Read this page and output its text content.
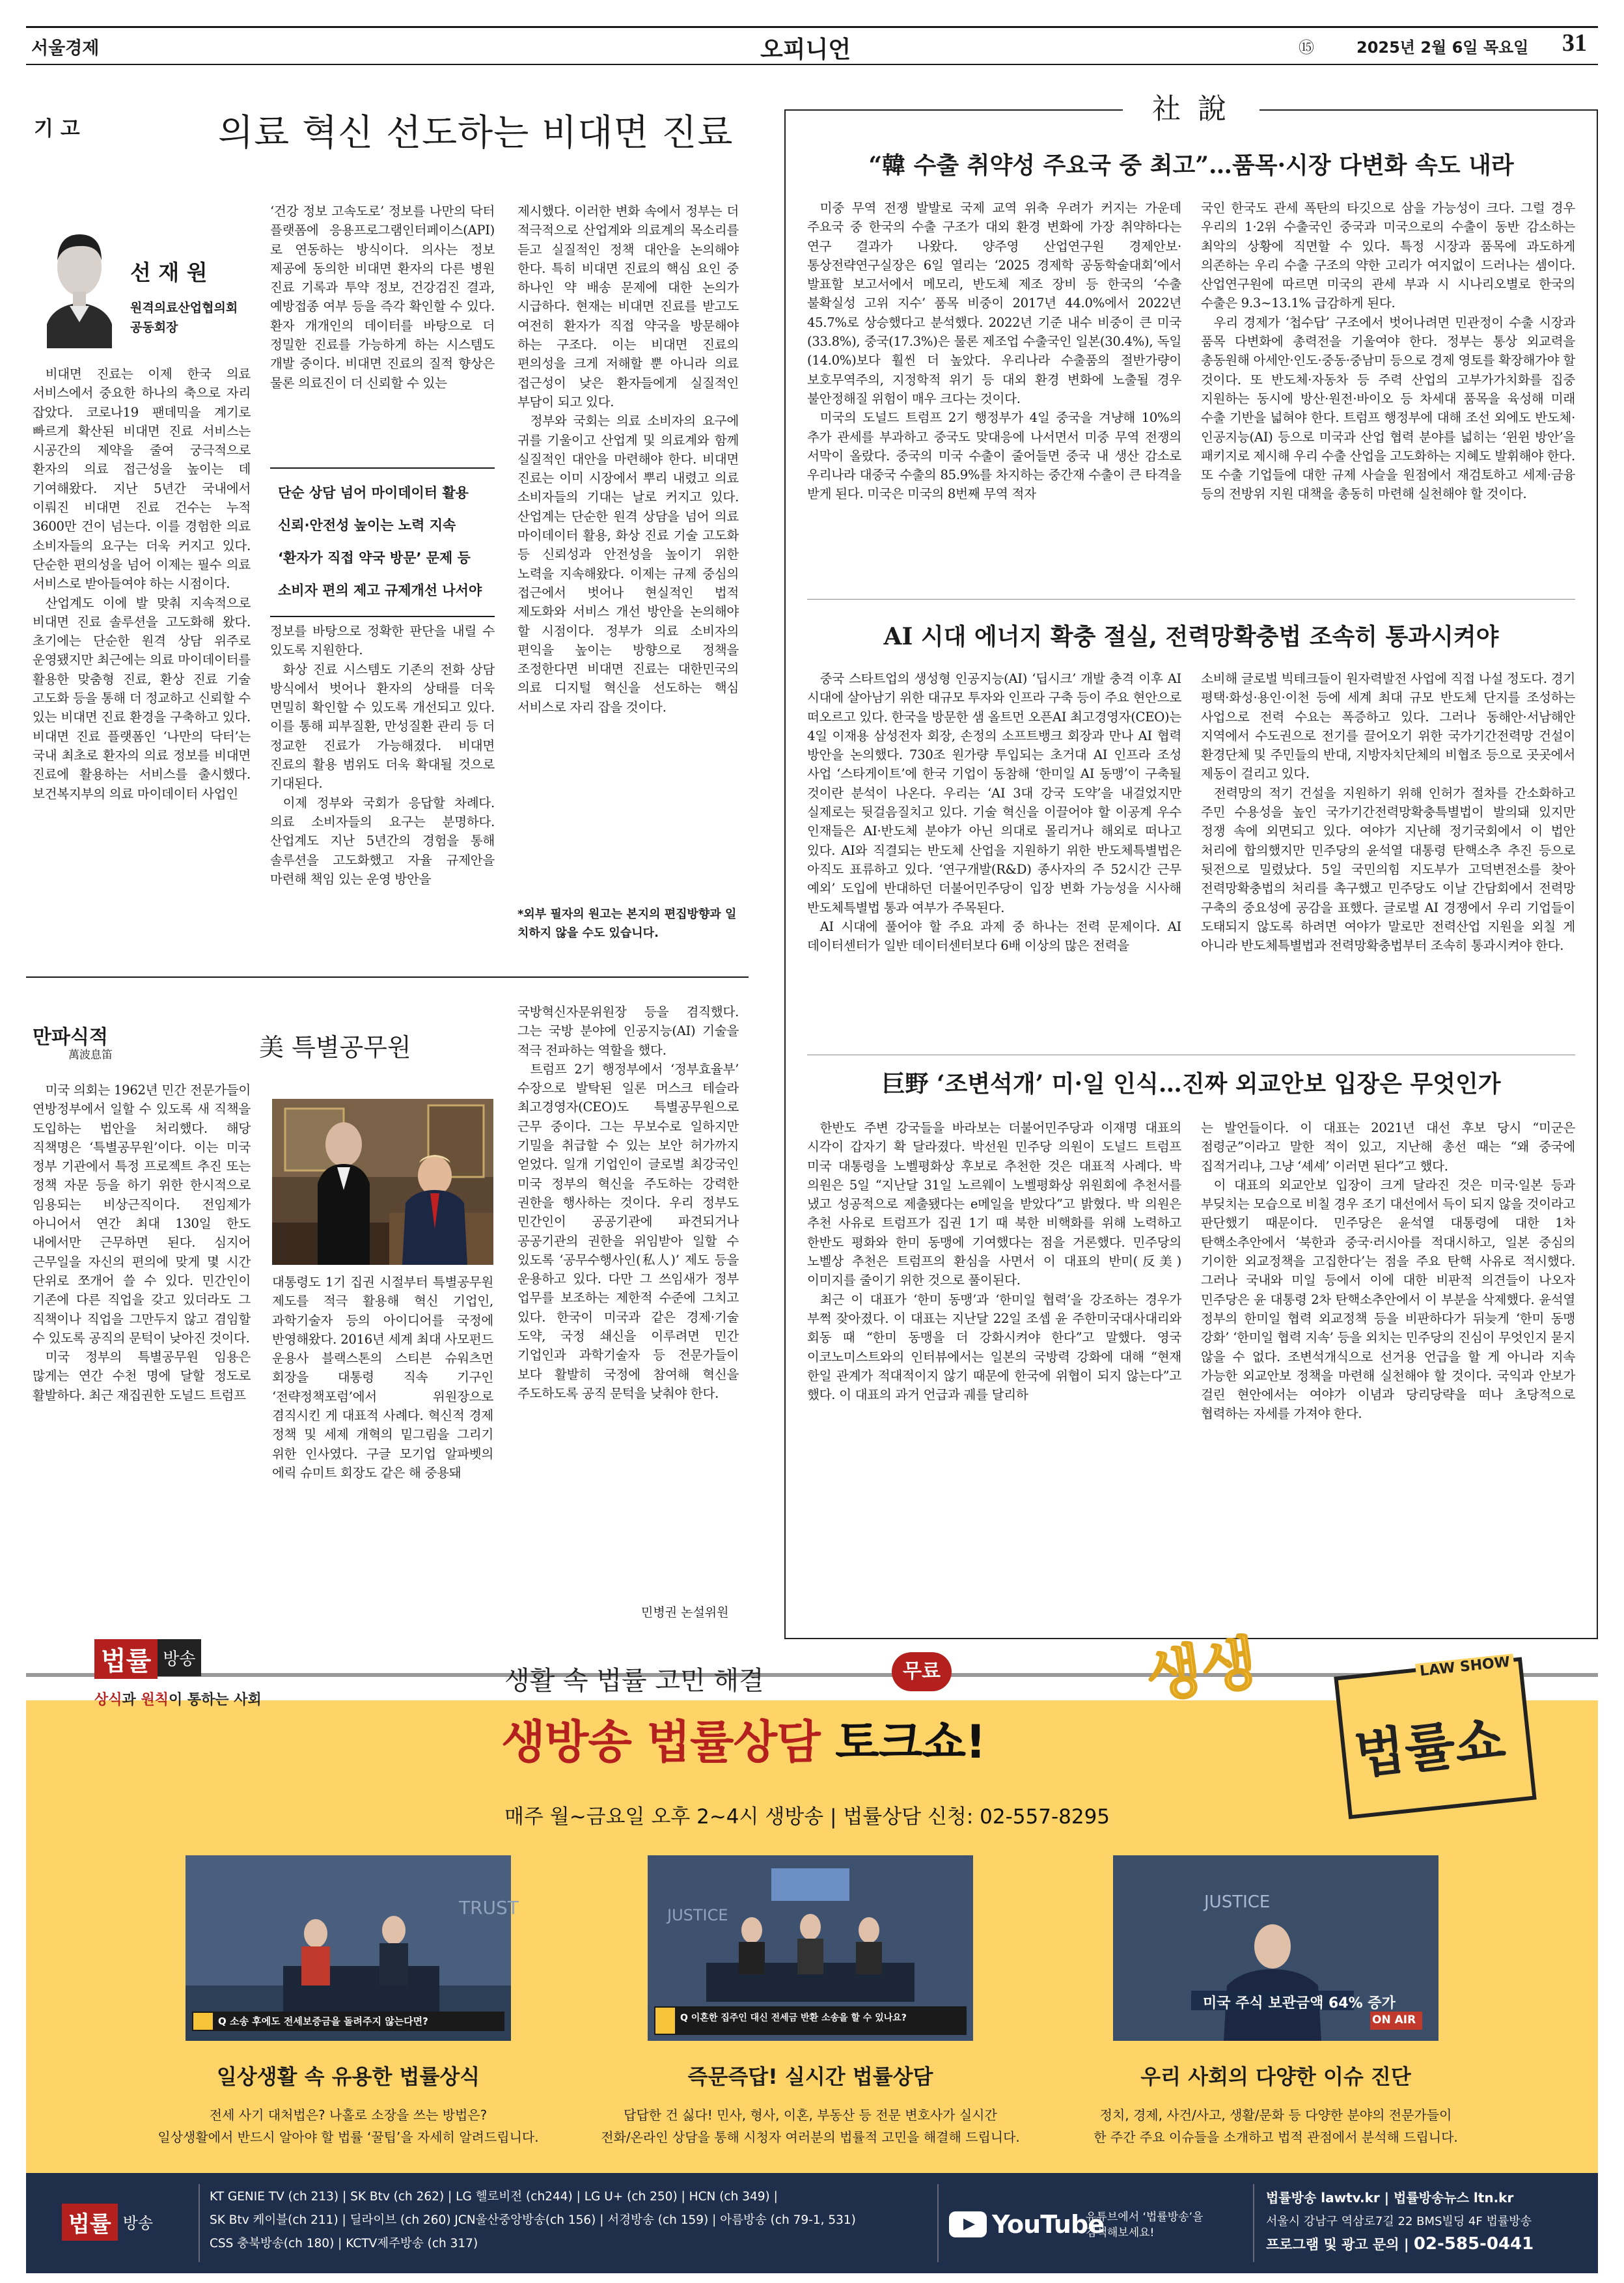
서울경제	오피니언	⑮	2025년 2월 6일 목요일 31
기 고	의료 혁신 선도하는 비대면 진료
선 재 원
원격의료산업협의회
공동회장

비대면 진료는 이제 한국 의료 서비스에서 중요한 하나의 축으로 자리 잡았다. 코로나19 팬데믹을 계기로 빠르게 확산된 비대면 진료 서비스는 시공간의 제약을 줄여 궁극적으로 환자의 의료 접근성을 높이는 데 기여해왔다. 지난 5년간 국내에서 이뤄진 비대면 진료 건수는 누적 3600만 건이 넘는다. 이를 경험한 의료 소비자들의 요구는 더욱 커지고 있다. 단순한 편의성을 넘어 이제는 필수 의료 서비스로 받아들여야 하는 시점이다.

산업계도 이에 발 맞춰 지속적으로 비대면 진료 솔루션을 고도화해 왔다. 초기에는 단순한 원격 상담 위주로 운영됐지만 최근에는 의료 마이데이터를 활용한 맞춤형 진료, 환상 진료 기술 고도화 등을 통해 더 정교하고 신뢰할 수 있는 비대면 진료 환경을 구축하고 있다. 비대면 진료 플랫폼인 ‘나만의 닥터’는 국내 최초로 환자의 의료 정보를 비대면 진료에 활용하는 서비스를 출시했다. 보건복지부의 의료 마이데이터 사업인

‘건강 정보 고속도로’ 정보를 나만의 닥터 플랫폼에 응용프로그램인터페이스(API)로 연동하는 방식이다. 의사는 정보 제공에 동의한 비대면 환자의 다른 병원 진료 기록과 투약 정보, 건강검진 결과, 예방접종 여부 등을 즉각 확인할 수 있다. 환자 개개인의 데이터를 바탕으로 더 정밀한 진료를 가능하게 하는 시스템도 개발 중이다. 비대면 진료의 질적 향상은 물론 의료진이 더 신뢰할 수 있는

단순 상담 넘어 마이데이터 활용
신뢰·안전성 높이는 노력 지속
‘환자가 직접 약국 방문’ 문제 등
소비자 편의 제고 규제개선 나서야

정보를 바탕으로 정확한 판단을 내릴 수 있도록 지원한다.

화상 진료 시스템도 기존의 전화 상담 방식에서 벗어나 환자의 상태를 더욱 면밀히 확인할 수 있도록 개선되고 있다. 이를 통해 피부질환, 만성질환 관리 등 더 정교한 진료가 가능해졌다. 비대면 진료의 활용 범위도 더욱 확대될 것으로 기대된다.

이제 정부와 국회가 응답할 차례다. 의료 소비자들의 요구는 분명하다. 산업계도 지난 5년간의 경험을 통해 솔루션을 고도화했고 자율 규제안을 마련해 책임 있는 운영 방안을

제시했다. 이러한 변화 속에서 정부는 더 적극적으로 산업계와 의료계의 목소리를 듣고 실질적인 정책 대안을 논의해야 한다. 특히 비대면 진료의 핵심 요인 중 하나인 약 배송 문제에 대한 논의가 시급하다. 현재는 비대면 진료를 받고도 여전히 환자가 직접 약국을 방문해야 하는 구조다. 이는 비대면 진료의 편의성을 크게 저해할 뿐 아니라 의료 접근성이 낮은 환자들에게 실질적인 부담이 되고 있다.

정부와 국회는 의료 소비자의 요구에 귀를 기울이고 산업계 및 의료계와 함께 실질적인 대안을 마련해야 한다. 비대면 진료는 이미 시장에서 뿌리 내렸고 의료 소비자들의 기대는 날로 커지고 있다. 산업계는 단순한 원격 상담을 넘어 의료 마이데이터 활용, 화상 진료 기술 고도화 등 신뢰성과 안전성을 높이기 위한 노력을 지속해왔다. 이제는 규제 중심의 접근에서 벗어나 현실적인 법적 제도화와 서비스 개선 방안을 논의해야 할 시점이다. 정부가 의료 소비자의 편익을 높이는 방향으로 정책을 조정한다면 비대면 진료는 대한민국의 의료 디지털 혁신을 선도하는 핵심 서비스로 자리 잡을 것이다.

*외부 필자의 원고는 본지의 편집방향과 일치하지 않을 수도 있습니다.
만파식적
萬波息笛	美 특별공무원

미국 의회는 1962년 민간 전문가들이 연방정부에서 일할 수 있도록 새 직책을 도입하는 법안을 처리했다. 해당 직책명은 ‘특별공무원’이다. 이는 미국 정부 기관에서 특정 프로젝트 추진 또는 정책 자문 등을 하기 위한 한시적으로 임용되는 비상근직이다. 전임제가 아니어서 연간 최대 130일 한도 내에서만 근무하면 된다. 심지어 근무일을 자신의 편의에 맞게 몇 시간 단위로 쪼개어 쓸 수 있다. 민간인이 기존에 다른 직업을 갖고 있더라도 그 직책이나 직업을 그만두지 않고 겸임할 수 있도록 공직의 문턱이 낮아진 것이다.

미국 정부의 특별공무원 임용은 많게는 연간 수천 명에 달할 정도로 활발하다. 최근 재집권한 도널드 트럼프

대통령도 1기 집권 시절부터 특별공무원 제도를 적극 활용해 혁신 기업인, 과학기술자 등의 아이디어를 국정에 반영해왔다. 2016년 세계 최대 사모펀드 운용사 블랙스톤의 스티븐 슈워츠먼 회장을 대통령 직속 기구인 ‘전략정책포럼’에서 위원장으로 겸직시킨 게 대표적 사례다. 혁신적 경제 정책 및 세제 개혁의 밑그림을 그리기 위한 인사였다. 구글 모기업 알파벳의 에릭 슈미트 회장도 같은 해 중용돼

국방혁신자문위원장 등을 겸직했다. 그는 국방 분야에 인공지능(AI) 기술을 적극 전파하는 역할을 했다.

트럼프 2기 행정부에서 ‘정부효율부’ 수장으로 발탁된 일론 머스크 테슬라 최고경영자(CEO)도 특별공무원으로 근무 중이다. 그는 무보수로 일하지만 기밀을 취급할 수 있는 보안 허가까지 얻었다. 일개 기업인이 글로벌 최강국인 미국 정부의 혁신을 주도하는 강력한 권한을 행사하는 것이다. 우리 정부도 민간인이 공공기관에 파견되거나 공공기관의 권한을 위임받아 일할 수 있도록 ‘공무수행사인(私人)’ 제도 등을 운용하고 있다. 다만 그 쓰임새가 정부 업무를 보조하는 제한적 수준에 그치고 있다. 한국이 미국과 같은 경제·기술 도약, 국정 쇄신을 이루려면 민간 기업인과 과학기술자 등 전문가들이 보다 활발히 국정에 참여해 혁신을 주도하도록 공직 문턱을 낮춰야 한다.

민병권 논설위원
社 說
“韓 수출 취약성 주요국 중 최고”…품목·시장 다변화 속도 내라

미중 무역 전쟁 발발로 국제 교역 위축 우려가 커지는 가운데 주요국 중 한국의 수출 구조가 대외 환경 변화에 가장 취약하다는 연구 결과가 나왔다. 양주영 산업연구원 경제안보·통상전략연구실장은 6일 열리는 ‘2025 경제학 공동학술대회’에서 발표할 보고서에서 메모리, 반도체 제조 장비 등 한국의 ‘수출 불확실성 고위 지수’ 품목 비중이 2017년 44.0%에서 2022년 45.7%로 상승했다고 분석했다. 2022년 기준 내수 비중이 큰 미국(33.8%), 중국(17.3%)은 물론 제조업 수출국인 일본(30.4%), 독일(14.0%)보다 훨씬 더 높았다. 우리나라 수출품의 절반가량이 보호무역주의, 지정학적 위기 등 대외 환경 변화에 노출될 경우 불안정해질 위험이 매우 크다는 것이다.

미국의 도널드 트럼프 2기 행정부가 4일 중국을 겨냥해 10%의 추가 관세를 부과하고 중국도 맞대응에 나서면서 미중 무역 전쟁의 서막이 올랐다. 중국의 미국 수출이 줄어들면 중국 내 생산 감소로 우리나라 대중국 수출의 85.9%를 차지하는 중간재 수출이 큰 타격을 받게 된다. 미국은 미국의 8번째 무역 적자

국인 한국도 관세 폭탄의 타깃으로 삼을 가능성이 크다. 그럴 경우 우리의 1·2위 수출국인 중국과 미국으로의 수출이 동반 감소하는 최악의 상황에 직면할 수 있다. 특정 시장과 품목에 과도하게 의존하는 우리 수출 구조의 약한 고리가 여지없이 드러나는 셈이다. 산업연구원에 따르면 미국의 관세 부과 시 시나리오별로 한국의 수출은 9.3~13.1% 급감하게 된다.

우리 경제가 ‘첩수답’ 구조에서 벗어나려면 민관정이 수출 시장과 품목 다변화에 총력전을 기울여야 한다. 정부는 통상 외교력을 총동원해 아세안·인도·중동·중남미 등으로 경제 영토를 확장해가야 할 것이다. 또 반도체·자동차 등 주력 산업의 고부가가치화를 집중 지원하는 동시에 방산·원전·바이오 등 차세대 품목을 육성해 미래 수출 기반을 넓혀야 한다. 트럼프 행정부에 대해 조선 외에도 반도체·인공지능(AI) 등으로 미국과 산업 협력 분야를 넓히는 ‘윈윈 방안’을 패키지로 제시해 우리 수출 산업을 고도화하는 지혜도 발휘해야 한다. 또 수출 기업들에 대한 규제 사슬을 원점에서 재검토하고 세제·금융 등의 전방위 지원 대책을 총동히 마련해 실천해야 할 것이다.

AI 시대 에너지 확충 절실, 전력망확충법 조속히 통과시켜야

중국 스타트업의 생성형 인공지능(AI) ‘딥시크’ 개발 충격 이후 AI 시대에 살아남기 위한 대규모 투자와 인프라 구축 등이 주요 현안으로 떠오르고 있다. 한국을 방문한 샘 올트먼 오픈AI 최고경영자(CEO)는 4일 이재용 삼성전자 회장, 손정의 소프트뱅크 회장과 만나 AI 협력 방안을 논의했다. 730조 원가량 투입되는 초거대 AI 인프라 조성 사업 ‘스타게이트’에 한국 기업이 동참해 ‘한미일 AI 동맹’이 구축될 것이란 분석이 나온다. 우리는 ‘AI 3대 강국 도약’을 내걸었지만 실제로는 뒷걸음질치고 있다. 기술 혁신을 이끌어야 할 이공계 우수 인재들은 AI·반도체 분야가 아닌 의대로 몰리거나 해외로 떠나고 있다. AI와 직결되는 반도체 산업을 지원하기 위한 반도체특별법은 아직도 표류하고 있다. ‘연구개발(R&D) 종사자의 주 52시간 근무 예외’ 도입에 반대하던 더불어민주당이 입장 변화 가능성을 시사해 반도체특별법 통과 여부가 주목된다.

AI 시대에 풀어야 할 주요 과제 중 하나는 전력 문제이다. AI 데이터센터가 일반 데이터센터보다 6배 이상의 많은 전력을

소비해 글로벌 빅테크들이 원자력발전 사업에 직접 나설 정도다. 경기 평택·화성·용인·이천 등에 세계 최대 규모 반도체 단지를 조성하는 사업으로 전력 수요는 폭증하고 있다. 그러나 동해안·서남해안 지역에서 수도권으로 전기를 끌어오기 위한 국가기간전력망 건설이 환경단체 및 주민들의 반대, 지방자치단체의 비협조 등으로 곳곳에서 제동이 걸리고 있다.

전력망의 적기 건설을 지원하기 위해 인허가 절차를 간소화하고 주민 수용성을 높인 국가기간전력망확충특별법이 발의돼 있지만 정쟁 속에 외면되고 있다. 여야가 지난해 정기국회에서 이 법안 처리에 합의했지만 민주당의 윤석열 대통령 탄핵소추 추진 등으로 뒷전으로 밀렸났다. 5일 국민의힘 지도부가 고덕변전소를 찾아 전력망확충법의 처리를 촉구했고 민주당도 이날 간담회에서 전력망 구축의 중요성에 공감을 표했다. 글로벌 AI 경쟁에서 우리 기업들이 도태되지 않도록 하려면 여야가 말로만 전력산업 지원을 외칠 게 아니라 반도체특별법과 전력망확충법부터 조속히 통과시켜야 한다.

巨野 ‘조변석개’ 미·일 인식…진짜 외교안보 입장은 무엇인가

한반도 주변 강국들을 바라보는 더불어민주당과 이재명 대표의 시각이 갑자기 확 달라졌다. 박선원 민주당 의원이 도널드 트럼프 미국 대통령을 노벨평화상 후보로 추천한 것은 대표적 사례다. 박 의원은 5일 “지난달 31일 노르웨이 노벨평화상 위원회에 추천서를 냈고 성공적으로 제출됐다는 e메일을 받았다”고 밝혔다. 박 의원은 추천 사유로 트럼프가 집권 1기 때 북한 비핵화를 위해 노력하고 한반도 평화와 한미 동맹에 기여했다는 점을 거론했다. 민주당의 노벨상 추천은 트럼프의 환심을 사면서 이 대표의 반미(反美) 이미지를 줄이기 위한 것으로 풀이된다.

최근 이 대표가 ‘한미 동맹’과 ‘한미일 협력’을 강조하는 경우가 부쩍 잦아졌다. 이 대표는 지난달 22일 조셉 윤 주한미국대사대리와 회동 때 “한미 동맹을 더 강화시켜야 한다”고 말했다. 영국 이코노미스트와의 인터뷰에서는 일본의 국방력 강화에 대해 “현재 한일 관계가 적대적이지 않기 때문에 한국에 위협이 되지 않는다”고 했다. 이 대표의 과거 언급과 궤를 달리하

는 발언들이다. 이 대표는 2021년 대선 후보 당시 “미군은 점령군”이라고 말한 적이 있고, 지난해 총선 때는 “왜 중국에 집적거리냐, 그냥 ‘셰셰’ 이러면 된다”고 했다.

이 대표의 외교안보 입장이 크게 달라진 것은 미국·일본 등과 부딪치는 모습으로 비칠 경우 조기 대선에서 득이 되지 않을 것이라고 판단했기 때문이다. 민주당은 윤석열 대통령에 대한 1차 탄핵소추안에서 ‘북한과 중국·러시아를 적대시하고, 일본 중심의 기이한 외교정책을 고집한다’는 점을 주요 탄핵 사유로 적시했다. 그러나 국내와 미일 등에서 이에 대한 비판적 의견들이 나오자 민주당은 윤 대통령 2차 탄핵소추안에서 이 부분을 삭제했다. 윤석열 정부의 한미일 협력 외교정책 등을 비판하다가 뒤늦게 ‘한미 동맹 강화’ ‘한미일 협력 지속’ 등을 외치는 민주당의 진심이 무엇인지 묻지 않을 수 없다. 조변석개식으로 선거용 언급을 할 게 아니라 지속 가능한 외교안보 정책을 마련해 실천해야 할 것이다. 국익과 안보가 걸린 현안에서는 여야가 이념과 당리당략을 떠나 초당적으로 협력하는 자세를 가져야 한다.

법률 방송
상식과 원칙이 통하는 사회
생활 속 법률 고민 해결	무료
생방송 법률상담 토크쇼!
매주 월~금요일 오후 2~4시 생방송 | 법률상담 신청: 02-557-8295
생생	LAW SHOW
법률쇼
TRUST
Q 소송 후에도 전세보증금을 돌려주지 않는다면?
JUSTICE
Q 이혼한 집주인 대신 전세금 반환 소송을 할 수 있나요?
JUSTICE
미국 주식 보관금액 64% 증가
ON AIR
일상생활 속 유용한 법률상식
전세 사기 대처법은? 나홀로 소장을 쓰는 방법은?
일상생활에서 반드시 알아야 할 법률 ‘꿀팁’을 자세히 알려드립니다.
즉문즉답! 실시간 법률상담
답답한 건 싫다! 민사, 형사, 이혼, 부동산 등 전문 변호사가 실시간
전화/온라인 상담을 통해 시청자 여러분의 법률적 고민을 해결해 드립니다.
우리 사회의 다양한 이슈 진단
정치, 경제, 사건/사고, 생활/문화 등 다양한 분야의 전문가들이
한 주간 주요 이슈들을 소개하고 법적 관점에서 분석해 드립니다.
법률 방송
KT GENIE TV (ch 213) | SK Btv (ch 262) | LG 헬로비전 (ch244) | LG U+ (ch 250) | HCN (ch 349) |
SK Btv 케이블(ch 211) | 딜라이브 (ch 260) JCN울산중앙방송(ch 156) | 서경방송 (ch 159) | 아름방송 (ch 79-1, 531)
CSS 충북방송(ch 180) | KCTV제주방송 (ch 317)
YouTube
유튜브에서 ‘법률방송’을
검색해보세요!
법률방송 lawtv.kr | 법률방송뉴스 ltn.kr
서울시 강남구 역삼로7길 22 BMS빌딩 4F 법률방송
프로그램 및 광고 문의 | 02-585-0441
